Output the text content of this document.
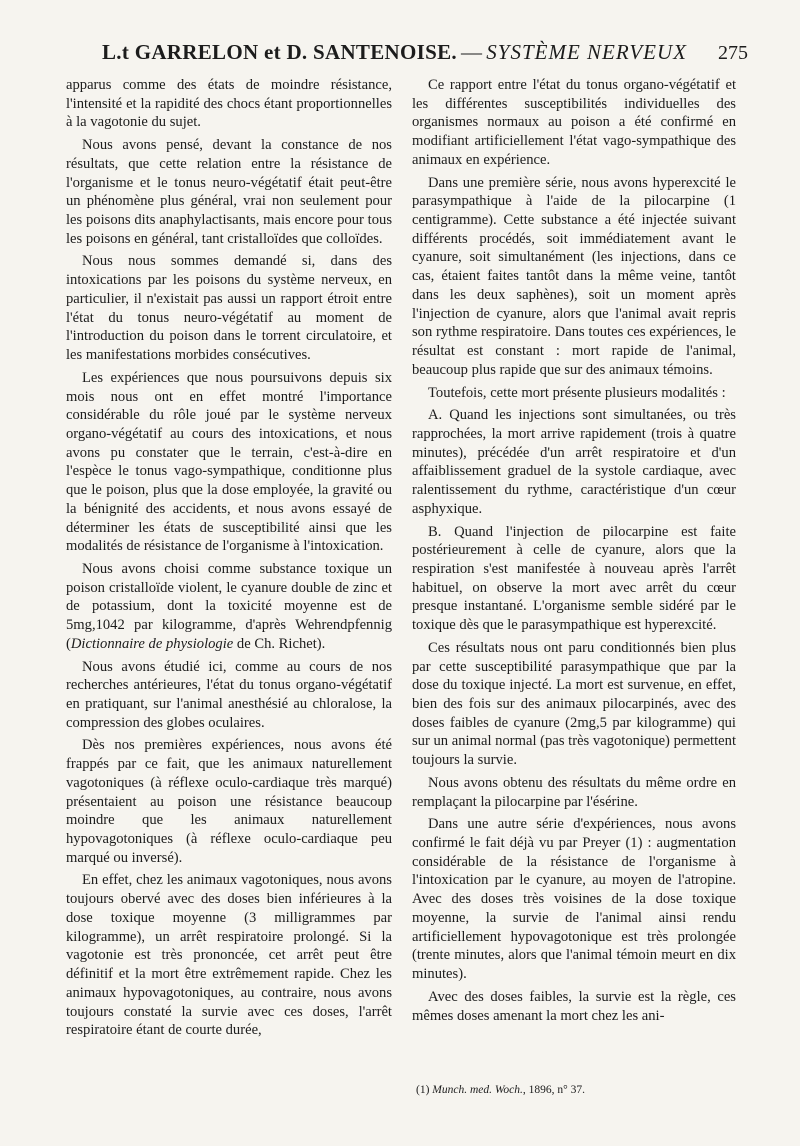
L.t GARRELON et D. SANTENOISE. — SYSTÈME NERVEUX 275

apparus comme des états de moindre résistance, l'intensité et la rapidité des chocs étant proportionnelles à la vagotonie du sujet.

Nous avons pensé, devant la constance de nos résultats, que cette relation entre la résistance de l'organisme et le tonus neuro-végétatif était peut-être un phénomène plus général, vrai non seulement pour les poisons dits anaphylactisants, mais encore pour tous les poisons en général, tant cristalloïdes que colloïdes.

Nous nous sommes demandé si, dans des intoxications par les poisons du système nerveux, en particulier, il n'existait pas aussi un rapport étroit entre l'état du tonus neuro-végétatif au moment de l'introduction du poison dans le torrent circulatoire, et les manifestations morbides consécutives.

Les expériences que nous poursuivons depuis six mois nous ont en effet montré l'importance considérable du rôle joué par le système nerveux organo-végétatif au cours des intoxications, et nous avons pu constater que le terrain, c'est-à-dire en l'espèce le tonus vago-sympathique, conditionne plus que le poison, plus que la dose employée, la gravité ou la bénignité des accidents, et nous avons essayé de déterminer les états de susceptibilité ainsi que les modalités de résistance de l'organisme à l'intoxication.

Nous avons choisi comme substance toxique un poison cristalloïde violent, le cyanure double de zinc et de potassium, dont la toxicité moyenne est de 5mg,1042 par kilogramme, d'après Wehrendpfennig (Dictionnaire de physiologie de Ch. Richet).

Nous avons étudié ici, comme au cours de nos recherches antérieures, l'état du tonus organo-végétatif en pratiquant, sur l'animal anesthésié au chloralose, la compression des globes oculaires.

Dès nos premières expériences, nous avons été frappés par ce fait, que les animaux naturellement vagotoniques (à réflexe oculo-cardiaque très marqué) présentaient au poison une résistance beaucoup moindre que les animaux naturellement hypovagotoniques (à réflexe oculo-cardiaque peu marqué ou inversé).

En effet, chez les animaux vagotoniques, nous avons toujours obervé avec des doses bien inférieures à la dose toxique moyenne (3 milligrammes par kilogramme), un arrêt respiratoire prolongé. Si la vagotonie est très prononcée, cet arrêt peut être définitif et la mort être extrêmement rapide. Chez les animaux hypovagotoniques, au contraire, nous avons toujours constaté la survie avec ces doses, l'arrêt respiratoire étant de courte durée,

Ce rapport entre l'état du tonus organo-végétatif et les différentes susceptibilités individuelles des organismes normaux au poison a été confirmé en modifiant artificiellement l'état vago-sympathique des animaux en expérience.

Dans une première série, nous avons hyperexcité le parasympathique à l'aide de la pilocarpine (1 centigramme). Cette substance a été injectée suivant différents procédés, soit immédiatement avant le cyanure, soit simultanément (les injections, dans ce cas, étaient faites tantôt dans la même veine, tantôt dans les deux saphènes), soit un moment après l'injection de cyanure, alors que l'animal avait repris son rythme respiratoire. Dans toutes ces expériences, le résultat est constant : mort rapide de l'animal, beaucoup plus rapide que sur des animaux témoins.

Toutefois, cette mort présente plusieurs modalités :

A. Quand les injections sont simultanées, ou très rapprochées, la mort arrive rapidement (trois à quatre minutes), précédée d'un arrêt respiratoire et d'un affaiblissement graduel de la systole cardiaque, avec ralentissement du rythme, caractéristique d'un cœur asphyxique.

B. Quand l'injection de pilocarpine est faite postérieurement à celle de cyanure, alors que la respiration s'est manifestée à nouveau après l'arrêt habituel, on observe la mort avec arrêt du cœur presque instantané. L'organisme semble sidéré par le toxique dès que le parasympathique est hyperexcité.

Ces résultats nous ont paru conditionnés bien plus par cette susceptibilité parasympathique que par la dose du toxique injecté. La mort est survenue, en effet, bien des fois sur des animaux pilocarpinés, avec des doses faibles de cyanure (2mg,5 par kilogramme) qui sur un animal normal (pas très vagotonique) permettent toujours la survie.

Nous avons obtenu des résultats du même ordre en remplaçant la pilocarpine par l'ésérine.

Dans une autre série d'expériences, nous avons confirmé le fait déjà vu par Preyer (1) : augmentation considérable de la résistance de l'organisme à l'intoxication par le cyanure, au moyen de l'atropine. Avec des doses très voisines de la dose toxique moyenne, la survie de l'animal ainsi rendu artificiellement hypovagotonique est très prolongée (trente minutes, alors que l'animal témoin meurt en dix minutes).

Avec des doses faibles, la survie est la règle, ces mêmes doses amenant la mort chez les ani-

(1) Munch. med. Woch., 1896, n° 37.
